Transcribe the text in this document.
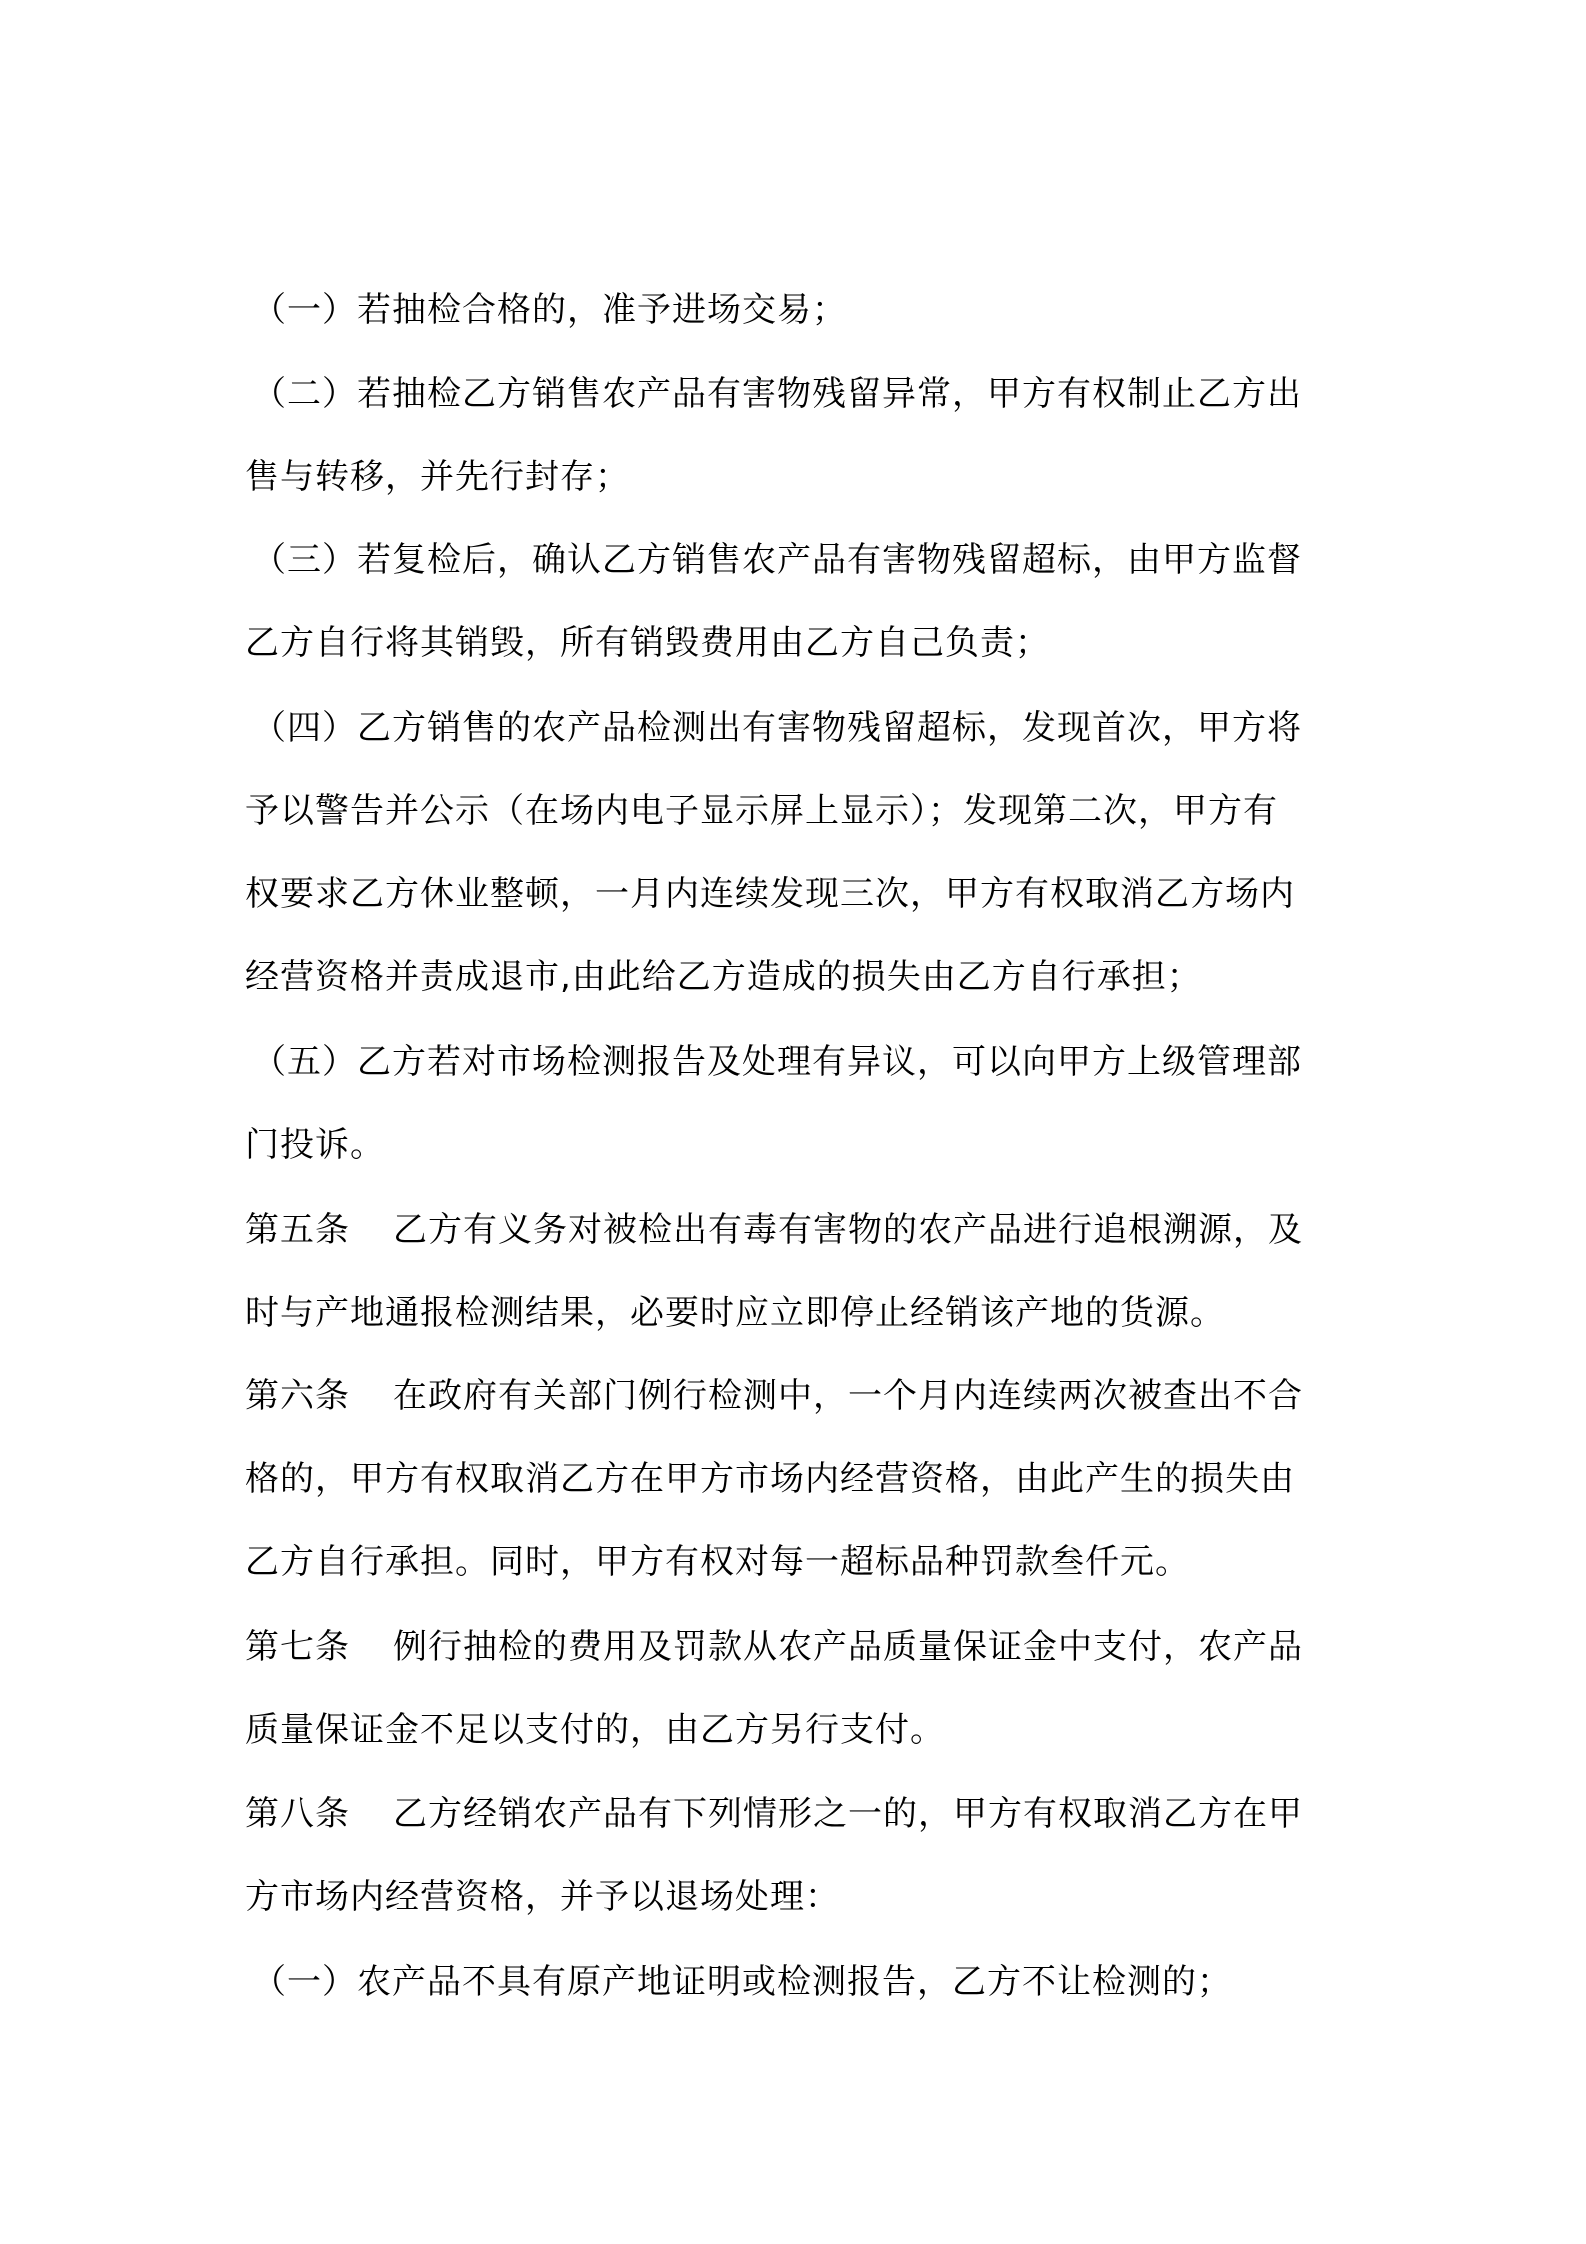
（一）若抽检合格的，准予进场交易；
（二）若抽检乙方销售农产品有害物残留异常，甲方有权制止乙方出
售与转移，并先行封存；
（三）若复检后，确认乙方销售农产品有害物残留超标，由甲方监督
乙方自行将其销毁，所有销毁费用由乙方自己负责；
（四）乙方销售的农产品检测出有害物残留超标，发现首次，甲方将
予以警告并公示（在场内电子显示屏上显示）；发现第二次，甲方有
权要求乙方休业整顿，一月内连续发现三次，甲方有权取消乙方场内
经营资格并责成退市,由此给乙方造成的损失由乙方自行承担；
（五）乙方若对市场检测报告及处理有异议，可以向甲方上级管理部
门投诉。
第五条 乙方有义务对被检出有毒有害物的农产品进行追根溯源，及
时与产地通报检测结果，必要时应立即停止经销该产地的货源。
第六条 在政府有关部门例行检测中，一个月内连续两次被查出不合
格的，甲方有权取消乙方在甲方市场内经营资格，由此产生的损失由
乙方自行承担。同时，甲方有权对每一超标品种罚款叁仟元。
第七条 例行抽检的费用及罚款从农产品质量保证金中支付，农产品
质量保证金不足以支付的，由乙方另行支付。
第八条 乙方经销农产品有下列情形之一的，甲方有权取消乙方在甲
方市场内经营资格，并予以退场处理：
（一）农产品不具有原产地证明或检测报告，乙方不让检测的；
